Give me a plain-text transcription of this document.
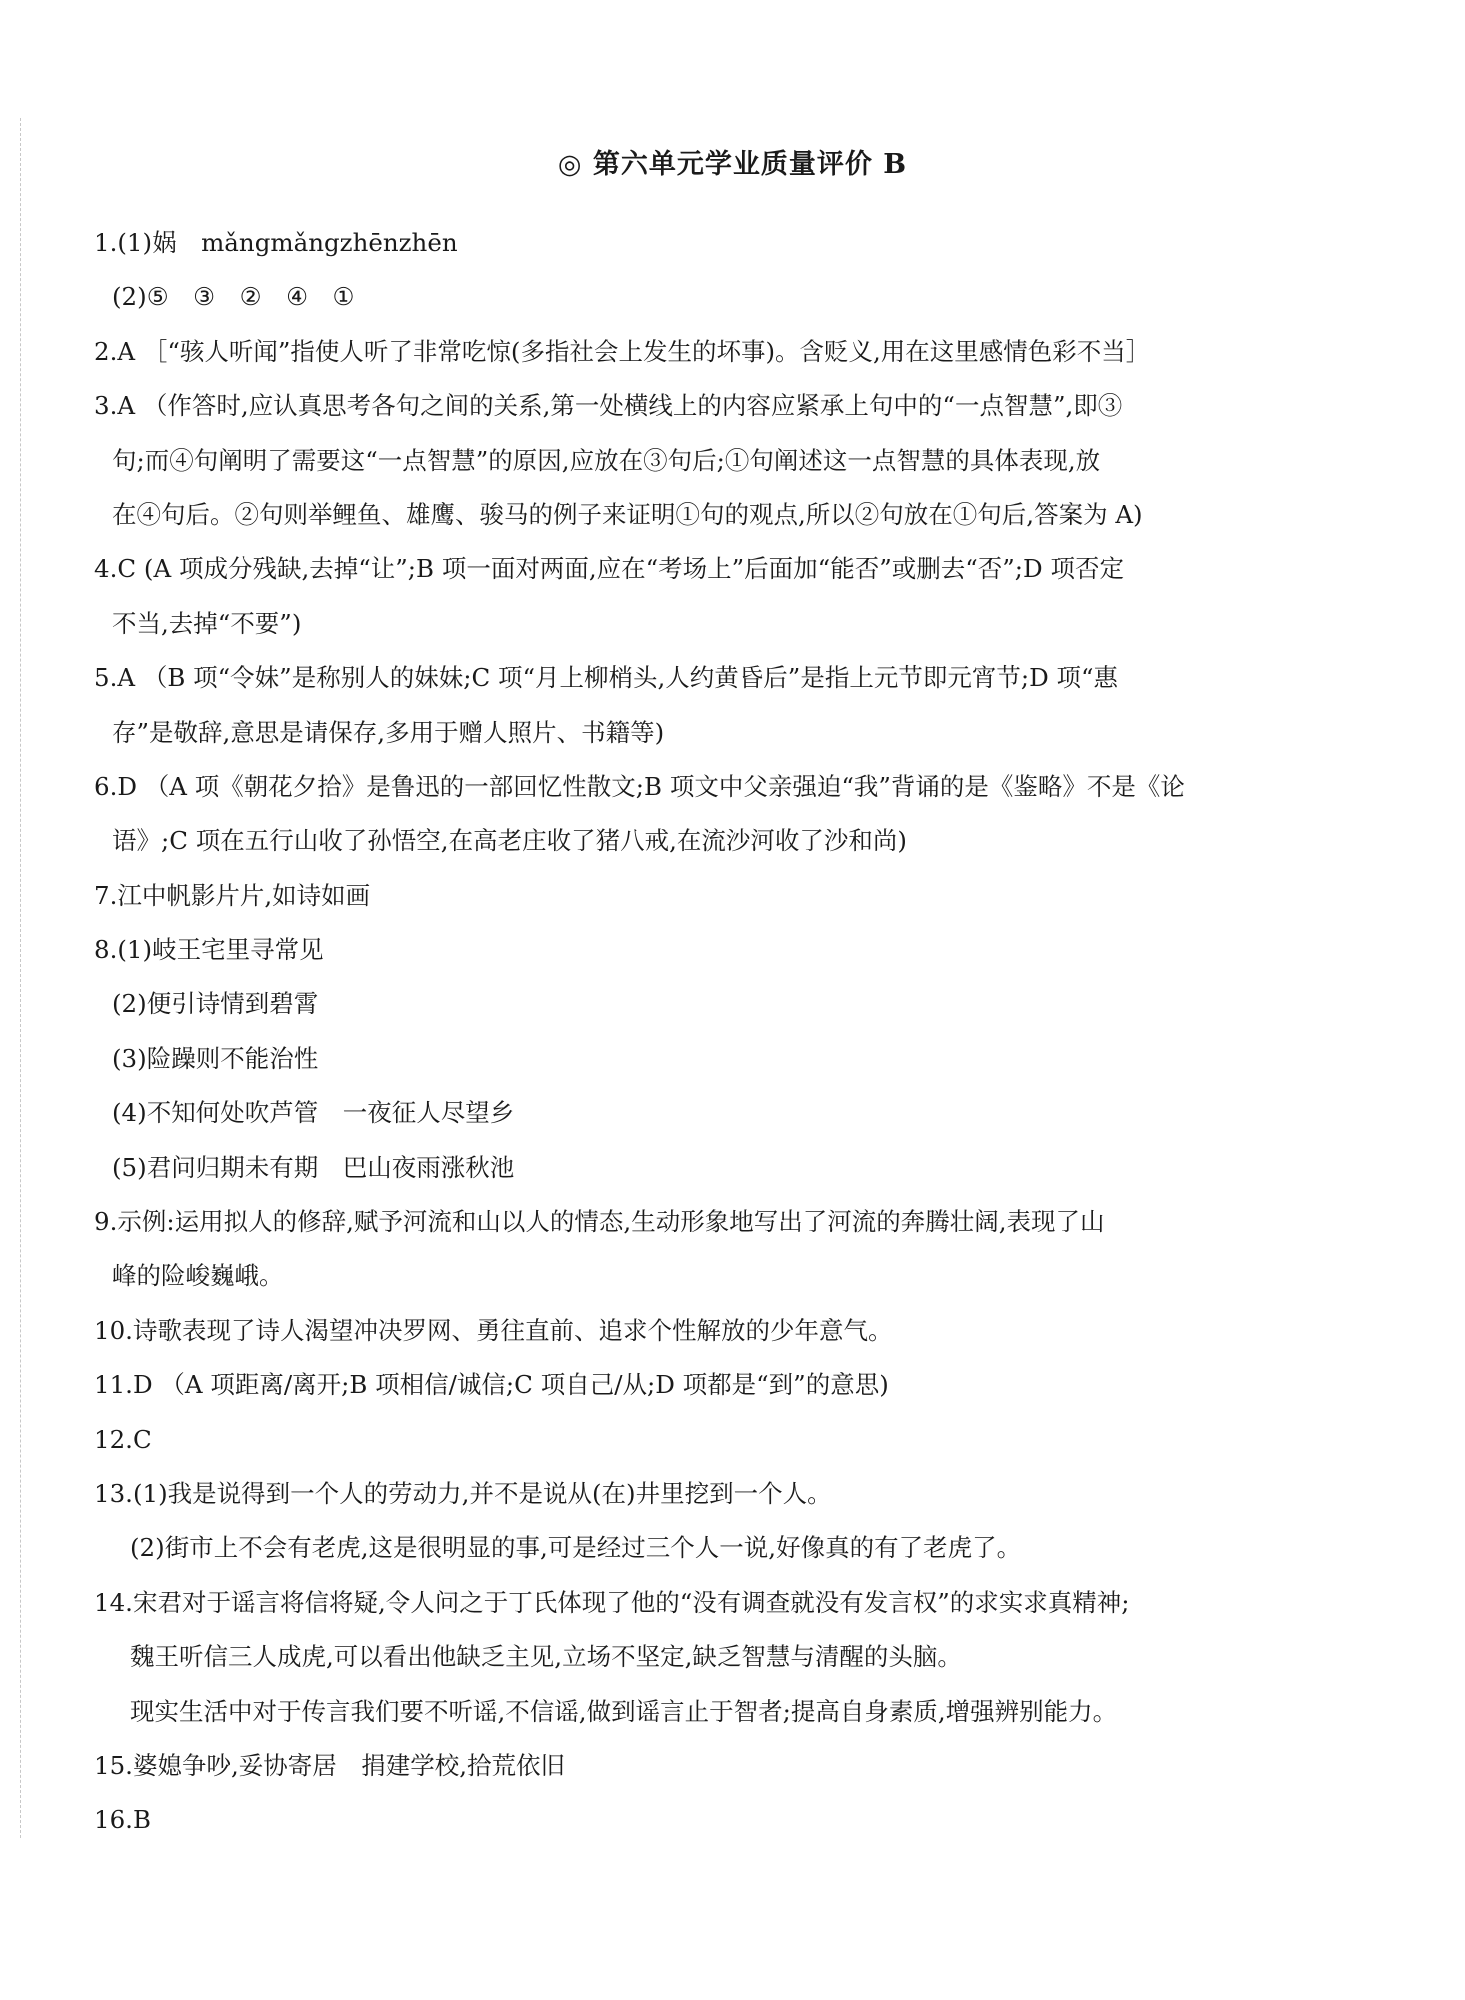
◎ 第六单元学业质量评价 B
1.(1)娲　mǎngmǎngzhēnzhēn
(2)⑤　③　②　④　①
2.A ［“骇人听闻”指使人听了非常吃惊(多指社会上发生的坏事)。含贬义,用在这里感情色彩不当］
3.A （作答时,应认真思考各句之间的关系,第一处横线上的内容应紧承上句中的“一点智慧”,即③
句;而④句阐明了需要这“一点智慧”的原因,应放在③句后;①句阐述这一点智慧的具体表现,放
在④句后。②句则举鲤鱼、雄鹰、骏马的例子来证明①句的观点,所以②句放在①句后,答案为 A)
4.C (A 项成分残缺,去掉“让”;B 项一面对两面,应在“考场上”后面加“能否”或删去“否”;D 项否定
不当,去掉“不要”)
5.A （B 项“令妹”是称别人的妹妹;C 项“月上柳梢头,人约黄昏后”是指上元节即元宵节;D 项“惠
存”是敬辞,意思是请保存,多用于赠人照片、书籍等)
6.D （A 项《朝花夕拾》是鲁迅的一部回忆性散文;B 项文中父亲强迫“我”背诵的是《鉴略》不是《论
语》;C 项在五行山收了孙悟空,在高老庄收了猪八戒,在流沙河收了沙和尚)
7.江中帆影片片,如诗如画
8.(1)岐王宅里寻常见
(2)便引诗情到碧霄
(3)险躁则不能治性
(4)不知何处吹芦管　一夜征人尽望乡
(5)君问归期未有期　巴山夜雨涨秋池
9.示例:运用拟人的修辞,赋予河流和山以人的情态,生动形象地写出了河流的奔腾壮阔,表现了山
峰的险峻巍峨。
10.诗歌表现了诗人渴望冲决罗网、勇往直前、追求个性解放的少年意气。
11.D （A 项距离/离开;B 项相信/诚信;C 项自己/从;D 项都是“到”的意思)
12.C
13.(1)我是说得到一个人的劳动力,并不是说从(在)井里挖到一个人。
(2)街市上不会有老虎,这是很明显的事,可是经过三个人一说,好像真的有了老虎了。
14.宋君对于谣言将信将疑,令人问之于丁氏体现了他的“没有调查就没有发言权”的求实求真精神;
魏王听信三人成虎,可以看出他缺乏主见,立场不坚定,缺乏智慧与清醒的头脑。
现实生活中对于传言我们要不听谣,不信谣,做到谣言止于智者;提高自身素质,增强辨别能力。
15.婆媳争吵,妥协寄居　捐建学校,拾荒依旧
16.B
